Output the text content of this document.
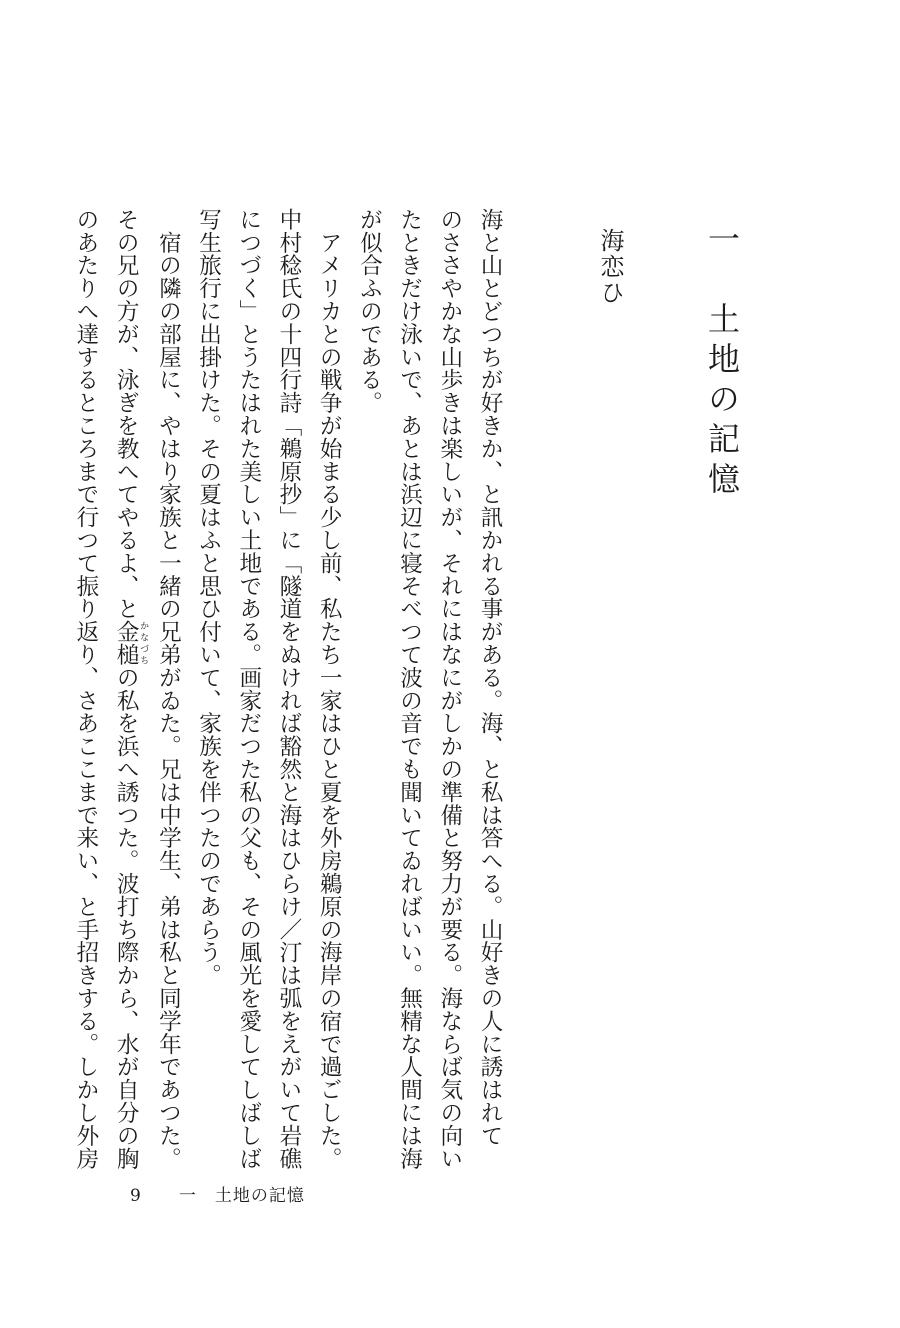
一　土地の記憶
海恋ひ

海と山とどつちが好きか、と訊かれる事がある。海、と私は答へる。山好きの人に誘はれて

のささやかな山歩きは楽しいが、それにはなにがしかの準備と努力が要る。海ならば気の向い

たときだけ泳いで、あとは浜辺に寝そべつて波の音でも聞いてゐればいい。無精な人間には海

が似合ふのである。

　アメリカとの戦争が始まる少し前、私たち一家はひと夏を外房鵜原の海岸の宿で過ごした。

中村稔氏の十四行詩「鵜原抄」に「隧道をぬければ豁然と海はひらけ／汀は弧をえがいて岩礁

につづく」とうたはれた美しい土地である。画家だつた私の父も、その風光を愛してしばしば

写生旅行に出掛けた。その夏はふと思ひ付いて、家族を伴つたのであらう。

　宿の隣の部屋に、やはり家族と一緒の兄弟がゐた。兄は中学生、弟は私と同学年であつた。

その兄の方が、泳ぎを教へてやるよ、と金槌 かなづちの私を浜へ誘つた。波打ち際から、水が自分の胸

のあたりへ達するところまで行つて振り返り、さあここまで来い、と手招きする。しかし外房

9 一　土地の記憶
